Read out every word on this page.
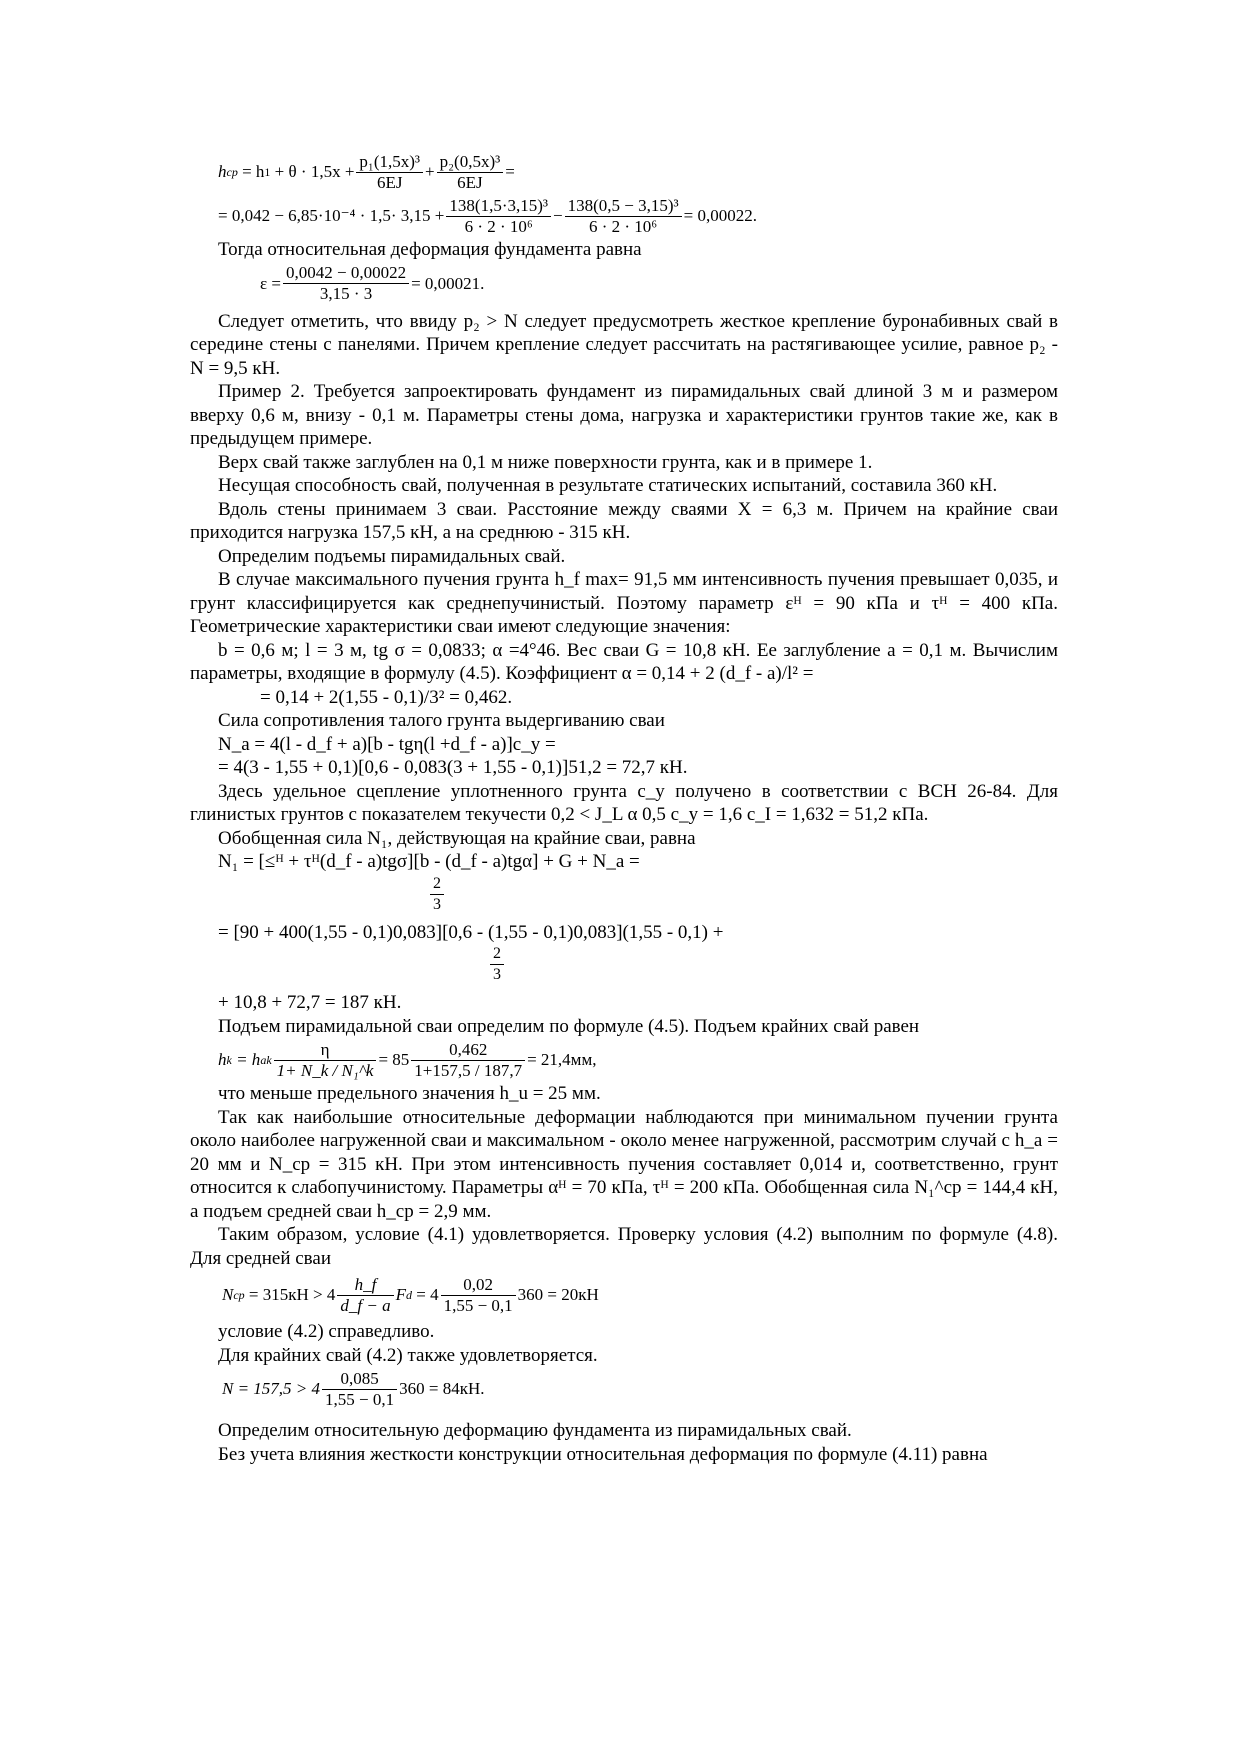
h cp
= h 1
+ $\theta \cdot 1,5x + \frac{\text{p₁(1,5x)³}}{6EJ} + \frac{\text{p₂(0,5x)³}}{6EJ}$ =
= $0,042 - 6,85\cdot 10^{-4} \cdot 1,5\cdot 3,15 + \frac{\text{138(1,5·3,15)³}}{\text{6 · 2 · 10⁶}} - \frac{\text{138(0,5 − 3,15)³}}{\text{6 · 2 · 10⁶}} = 0,00022$.

Тогда относительная деформация фундамента равна

$\varepsilon = \frac{0,0042 - 0,00022}{3,15 \cdot 3} = 0,00021$.

Следует отметить, что ввиду p₂ > N следует предусмотреть жесткое крепление буронабивных свай в середине стены с панелями. Причем крепление следует рассчитать на растягивающее усилие, равное p₂ - N = 9,5 кН.

Пример 2. Требуется запроектировать фундамент из пирамидальных свай длиной 3 м и размером вверху 0,6 м, внизу - 0,1 м. Параметры стены дома, нагрузка и характеристики грунтов такие же, как в предыдущем примере.

Верх свай также заглублен на 0,1 м ниже поверхности грунта, как и в примере 1.

Несущая способность свай, полученная в результате статических испытаний, составила 360 кН.

Вдоль стены принимаем 3 сваи. Расстояние между сваями X = 6,3 м. Причем на крайние сваи приходится нагрузка 157,5 кН, а на среднюю - 315 кН.

Определим подъемы пирамидальных свай.

В случае максимального пучения грунта h_f max= 91,5 мм интенсивность пучения превышает 0,035, и грунт классифицируется как среднепучинистый. Поэтому параметр εᴴ = 90 кПа и τᴴ = 400 кПа. Геометрические характеристики сваи имеют следующие значения:

b = 0,6 м; l = 3 м, tg σ = 0,0833; α =4°46. Вес сваи G = 10,8 кН. Ее заглубление a = 0,1 м. Вычислим параметры, входящие в формулу (4.5). Коэффициент α = 0,14 + 2 (d_f - a)/l² =

= 0,14 + 2(1,55 - 0,1)/3² = 0,462.

Сила сопротивления талого грунта выдергиванию сваи

N_a = 4(l - d_f + a)[b - tgη(l +d_f - a)]c_y =

= 4(3 - 1,55 + 0,1)[0,6 - 0,083(3 + 1,55 - 0,1)]51,2 = 72,7 кН.

Здесь удельное сцепление уплотненного грунта c_y получено в соответствии с ВСН 26-84. Для глинистых грунтов с показателем текучести 0,2 < J_L α 0,5 c_y = 1,6 c_I = 1,632 = 51,2 кПа.

Обобщенная сила N₁, действующая на крайние сваи, равна

N₁ = [≤ᴴ + τᴴ(d_f - a)tgσ][b - (d_f - a)tgα] + G + N_a =

2
3

= [90 + 400(1,55 - 0,1)0,083][0,6 - (1,55 - 0,1)0,083](1,55 - 0,1) +

2
3

+ 10,8 + 72,7 = 187 кН.

Подъем пирамидальной сваи определим по формуле (4.5). Подъем крайних свай равен

h k
= h ak $\frac{\eta}{\text{1+ N\_k / N₁\textasciicircum{}k}} = 85 \frac{0,462}{1+157,5 / 187,7} = 21,4мм$,

что меньше предельного значения h_u = 25 мм.

Так как наибольшие относительные деформации наблюдаются при минимальном пучении грунта около наиболее нагруженной сваи и максимальном - около менее нагруженной, рассмотрим случай с h_a = 20 мм и N_cp = 315 кН. При этом интенсивность пучения составляет 0,014 и, соответственно, грунт относится к слабопучинистому. Параметры αᴴ = 70 кПа, τᴴ = 200 кПа. Обобщенная сила N₁^cp = 144,4 кН, а подъем средней сваи h_cp = 2,9 мм.

Таким образом, условие (4.1) удовлетворяется. Проверку условия (4.2) выполним по формуле (4.8). Для средней сваи

N cp
= $315кН > 4 \frac{h\_f}{d\_f - a}$ F d
= $4 \frac{0,02}{1,55 - 0,1} 360 = 20кН$

условие (4.2) справедливо.

Для крайних свай (4.2) также удовлетворяется.

$N = 157,5 > 4 \frac{0,085}{1,55 - 0,1} 360 = 84кН$.

Определим относительную деформацию фундамента из пирамидальных свай.

Без учета влияния жесткости конструкции относительная деформация по формуле (4.11) равна
